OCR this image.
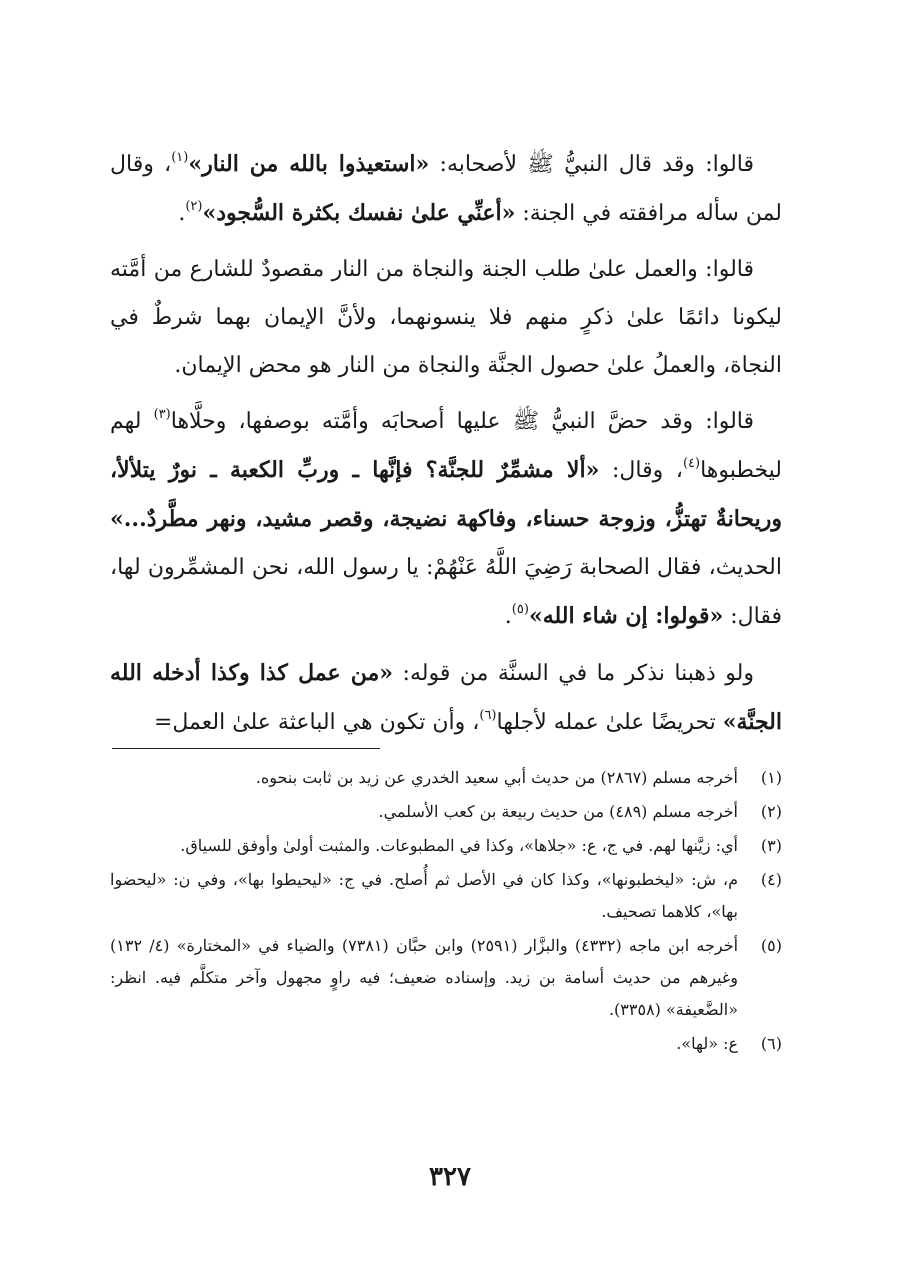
قالوا: وقد قال النبيُّ ﷺ لأصحابه: «استعيذوا بالله من النار»$^{(١)}$، وقال لمن سأله مرافقته في الجنة: «أعنِّي علىٰ نفسك بكثرة السُّجود»$^{(٢)}$.

قالوا: والعمل علىٰ طلب الجنة والنجاة من النار مقصودٌ للشارع من أمَّته ليكونا دائمًا علىٰ ذكرٍ منهم فلا ينسونهما، ولأنَّ الإيمان بهما شرطٌ في النجاة، والعملُ علىٰ حصول الجنَّة والنجاة من النار هو محض الإيمان.

قالوا: وقد حضَّ النبيُّ ﷺ عليها أصحابَه وأمَّته بوصفها، وحلَّاها$^{(٣)}$ لهم ليخطبوها$^{(٤)}$، وقال: «ألا مشمِّرٌ للجنَّة؟ فإنَّها ـ وربِّ الكعبة ـ نورٌ يتلألأ، وريحانةٌ تهتزُّ، وزوجة حسناء، وفاكهة نضيجة، وقصر مشيد، ونهر مطَّردٌ...» الحديث، فقال الصحابة رَضِيَ اللَّهُ عَنْهُمْ: يا رسول الله، نحن المشمِّرون لها، فقال: «قولوا: إن شاء الله»$^{(٥)}$.

ولو ذهبنا نذكر ما في السنَّة من قوله: «من عمل كذا وكذا أدخله الله الجنَّة» تحريضًا علىٰ عمله لأجلها$^{(٦)}$، وأن تكون هي الباعثة علىٰ العمل=

(١)
أخرجه مسلم (٢٨٦٧) من حديث أبي سعيد الخدري عن زيد بن ثابت بنحوه.
(٢)
أخرجه مسلم (٤٨٩) من حديث ربيعة بن كعب الأسلمي.
(٣)
أي: زيَّنها لهم. في ج، ع: «جلاها»، وكذا في المطبوعات. والمثبت أولىٰ وأوفق للسياق.
(٤)
م، ش: «ليخطبونها»، وكذا كان في الأصل ثم أُصلح. في ج: «ليحيطوا بها»، وفي ن: «ليحضوا بها»، كلاهما تصحيف.
(٥)
أخرجه ابن ماجه (٤٣٣٢) والبزَّار (٢٥٩١) وابن حبَّان (٧٣٨١) والضياء في «المختارة» (٤/ ١٣٢) وغيرهم من حديث أسامة بن زيد. وإسناده ضعيف؛ فيه راوٍ مجهول وآخر متكلَّم فيه. انظر: «الضَّعيفة» (٣٣٥٨).
(٦)
ع: «لها».
٣٢٧
